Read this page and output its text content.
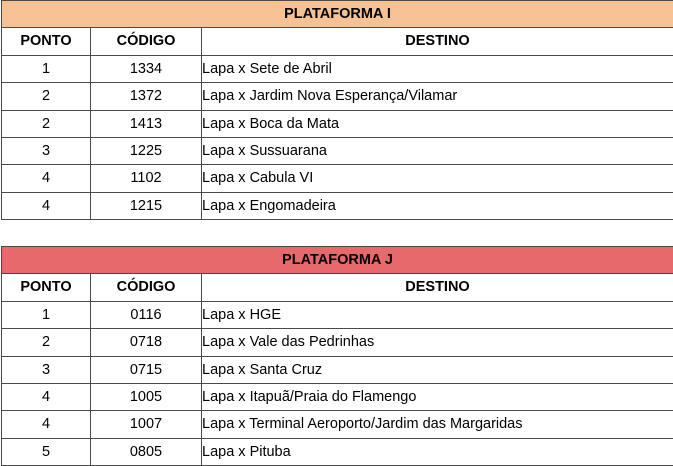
PLATAFORMA I		
PONTO	CÓDIGO	DESTINO
1	1334	Lapa x Sete de Abril
2	1372	Lapa x Jardim Nova Esperança/Vilamar
2	1413	Lapa x Boca da Mata
3	1225	Lapa x Sussuarana
4	1102	Lapa x Cabula VI
4	1215	Lapa x Engomadeira
PLATAFORMA J		
PONTO	CÓDIGO	DESTINO
1	0116	Lapa x HGE
2	0718	Lapa x Vale das Pedrinhas
3	0715	Lapa x Santa Cruz
4	1005	Lapa x Itapuã/Praia do Flamengo
4	1007	Lapa x Terminal Aeroporto/Jardim das Margaridas
5	0805	Lapa x Pituba
